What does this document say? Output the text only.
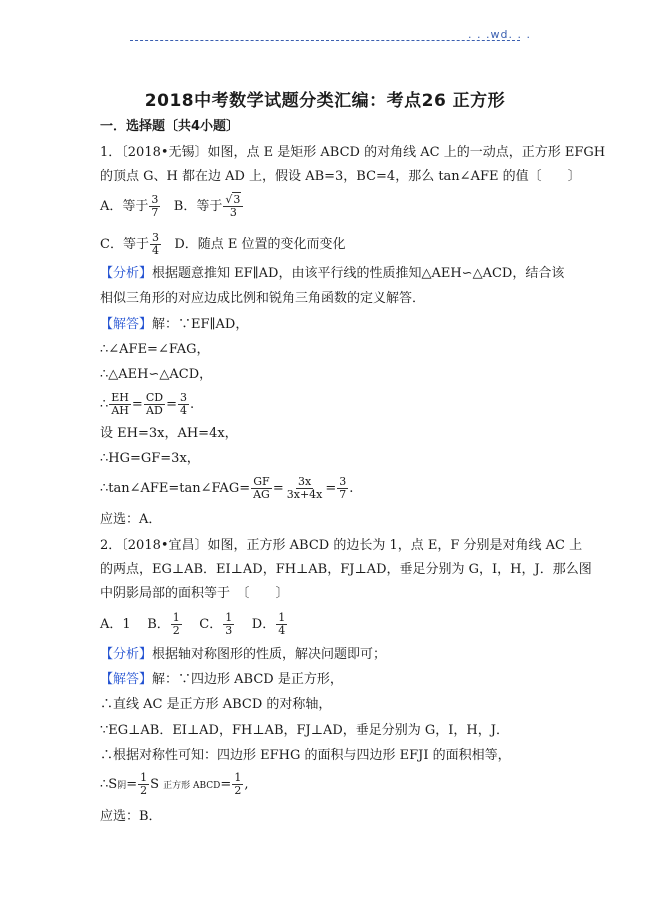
. . .wd. . .
2018中考数学试题分类汇编：考点26 正方形
一．选择题〔共4小题〕
1．〔2018•无锡〕如图，点 E 是矩形 ABCD 的对角线 AC 上的一动点，正方形 EFGH
的顶点 G、H 都在边 AD 上，假设 AB=3，BC=4，那么 tan∠AFE 的值〔　　〕
A．等于 $\frac{3}{7}$ B．等于 $\frac{√3}{3}$
C．等于 $\frac{3}{4}$ D．随点 E 位置的变化而变化
【分析】根据题意推知 EF∥AD，由该平行线的性质推知△AEH∽△ACD，结合该
相似三角形的对应边成比例和锐角三角函数的定义解答．
【解答】解：∵EF∥AD，
∴∠AFE=∠FAG，
∴△AEH∽△ACD，
∴ $\frac{EH}{AH} = \frac{CD}{AD} = \frac{3}{4}$ .
设 EH=3x，AH=4x，
∴HG=GF=3x，
∴tan∠AFE=tan∠FAG= $\frac{GF}{AG} = \frac{3x}{3x+4x} = \frac{3}{7}$ .
应选：A．
2．〔2018•宜昌〕如图，正方形 ABCD 的边长为 1，点 E，F 分别是对角线 AC 上
的两点，EG⊥AB．EI⊥AD，FH⊥AB，FJ⊥AD，垂足分别为 G，I，H，J．那么图
中阴影局部的面积等于　〔　　〕
A．1 B． $\frac{1}{2}$ C． $\frac{1}{3}$ D． $\frac{1}{4}$
【分析】根据轴对称图形的性质，解决问题即可；
【解答】解：∵四边形 ABCD 是正方形，
∴直线 AC 是正方形 ABCD 的对称轴，
∵EG⊥AB．EI⊥AD，FH⊥AB，FJ⊥AD，垂足分别为 G，I，H，J．
∴根据对称性可知：四边形 EFHG 的面积与四边形 EFJI 的面积相等，
∴S阴= $\frac{1}{2}$ S 正方形 ABCD= $\frac{1}{2}$ ,
应选：B．
